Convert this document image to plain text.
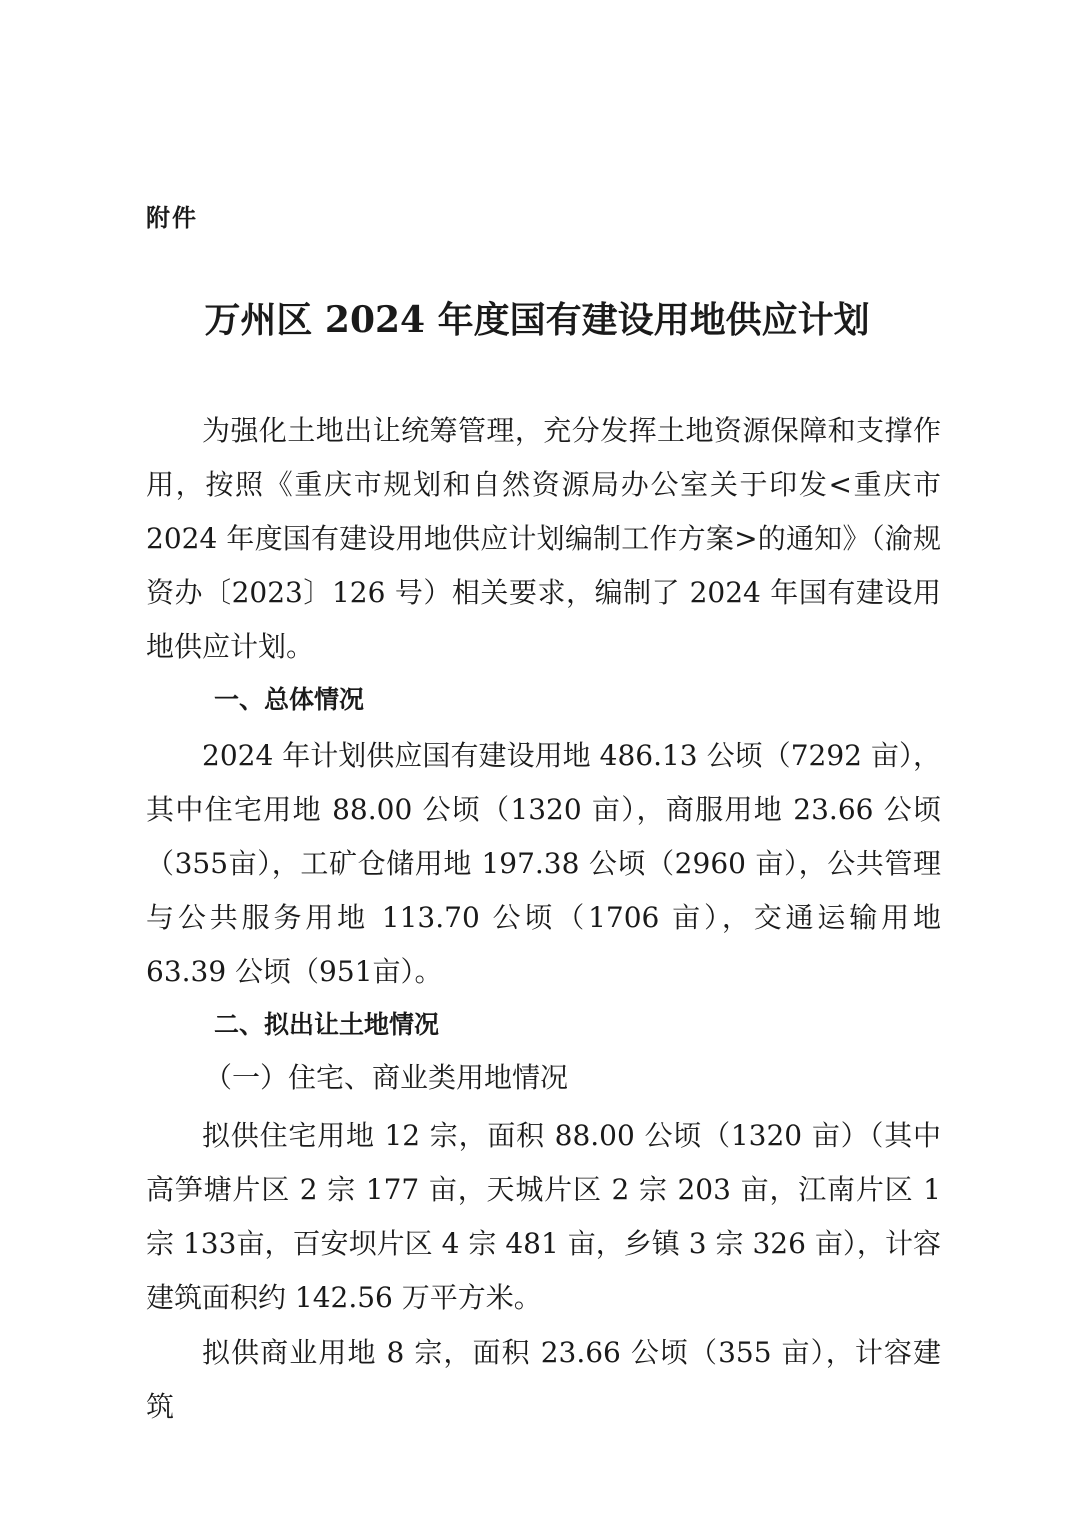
附件
万州区 2024 年度国有建设用地供应计划

为强化土地出让统筹管理，充分发挥土地资源保障和支撑作用，按照《重庆市规划和自然资源局办公室关于印发<重庆市2024 年度国有建设用地供应计划编制工作方案>的通知》（渝规资办〔2023〕126 号）相关要求，编制了 2024 年国有建设用地供应计划。

一、总体情况

2024 年计划供应国有建设用地 486.13 公顷（7292 亩），其中住宅用地 88.00 公顷（1320 亩），商服用地 23.66 公顷（355亩），工矿仓储用地 197.38 公顷（2960 亩），公共管理与公共服务用地 113.70 公顷（1706 亩），交通运输用地 63.39 公顷（951亩）。

二、拟出让土地情况
（一）住宅、商业类用地情况

拟供住宅用地 12 宗，面积 88.00 公顷（1320 亩）（其中高笋塘片区 2 宗 177 亩，天城片区 2 宗 203 亩，江南片区 1 宗 133亩，百安坝片区 4 宗 481 亩，乡镇 3 宗 326 亩），计容建筑面积约 142.56 万平方米。

拟供商业用地 8 宗，面积 23.66 公顷（355 亩），计容建筑
